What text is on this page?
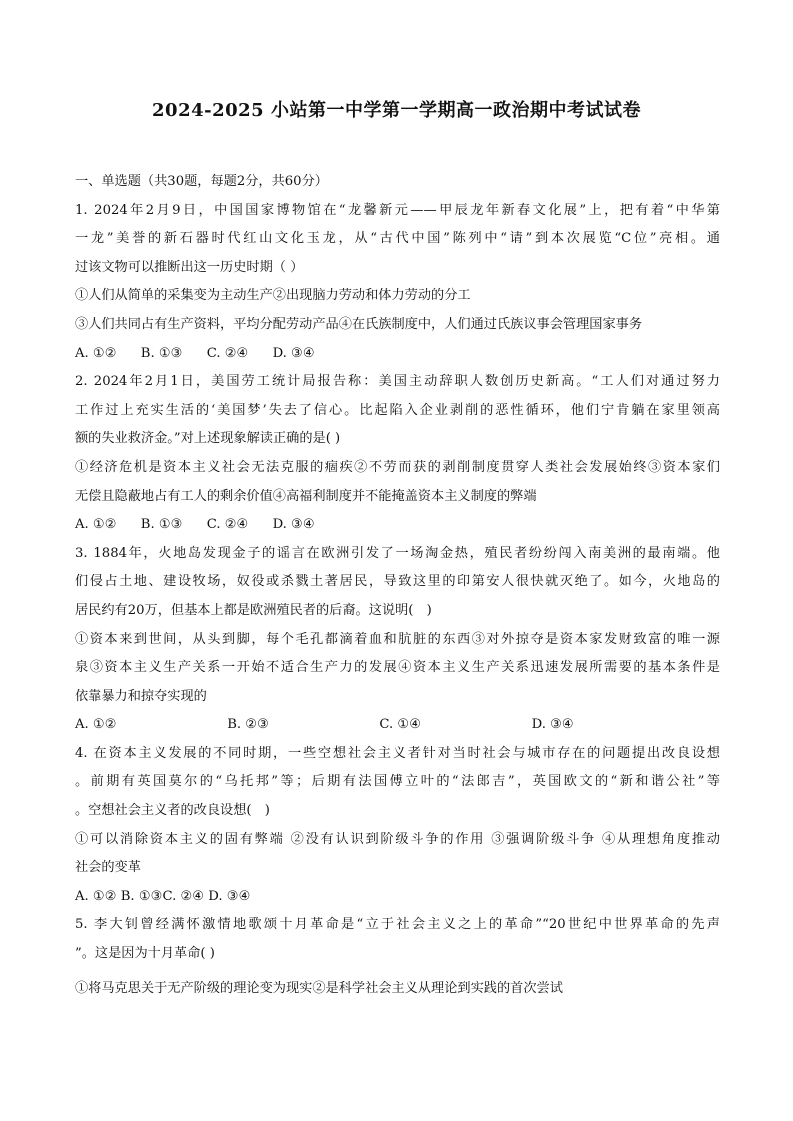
2024-2025 小站第一中学第一学期高一政治期中考试试卷
一、单选题（共30题，每题2分，共60分）
1. 2024年2月9日，中国国家博物馆在“龙馨新元——甲辰龙年新春文化展”上，把有着“中华第
一龙”美誉的新石器时代红山文化玉龙，从“古代中国”陈列中“请”到本次展览“C位”亮相。通
过该文物可以推断出这一历史时期（ ）
①人们从简单的采集变为主动生产②出现脑力劳动和体力劳动的分工
③人们共同占有生产资料，平均分配劳动产品④在氏族制度中，人们通过氏族议事会管理国家事务
A. ①② B. ①③ C. ②④ D. ③④
2. 2024年2月1日，美国劳工统计局报告称：美国主动辞职人数创历史新高。“工人们对通过努力
工作过上充实生活的‘美国梦’失去了信心。比起陷入企业剥削的恶性循环，他们宁肯躺在家里领高
额的失业救济金。”对上述现象解读正确的是( )
①经济危机是资本主义社会无法克服的痼疾②不劳而获的剥削制度贯穿人类社会发展始终③资本家们
无偿且隐蔽地占有工人的剩余价值④高福利制度并不能掩盖资本主义制度的弊端
A. ①② B. ①③ C. ②④ D. ③④
3. 1884年，火地岛发现金子的谣言在欧洲引发了一场淘金热，殖民者纷纷闯入南美洲的最南端。他
们侵占土地、建设牧场，奴役或杀戮土著居民，导致这里的印第安人很快就灭绝了。如今，火地岛的
居民约有20万，但基本上都是欧洲殖民者的后裔。这说明(　)
①资本来到世间，从头到脚，每个毛孔都滴着血和肮脏的东西③对外掠夺是资本家发财致富的唯一源
泉③资本主义生产关系一开始不适合生产力的发展④资本主义生产关系迅速发展所需要的基本条件是
依靠暴力和掠夺实现的
A. ①②	B. ②③	C. ①④	D. ③④
4. 在资本主义发展的不同时期，一些空想社会主义者针对当时社会与城市存在的问题提出改良设想
。前期有英国莫尔的“乌托邦”等；后期有法国傅立叶的“法郎吉”，英国欧文的“新和谐公社”等
。空想社会主义者的改良设想(　)
①可以消除资本主义的固有弊端 ②没有认识到阶级斗争的作用 ③强调阶级斗争 ④从理想角度推动
社会的变革
A. ①② B. ①③C. ②④ D. ③④
5. 李大钊曾经满怀激情地歌颂十月革命是“立于社会主义之上的革命”“20世纪中世界革命的先声
”。这是因为十月革命( )
①将马克思关于无产阶级的理论变为现实②是科学社会主义从理论到实践的首次尝试
